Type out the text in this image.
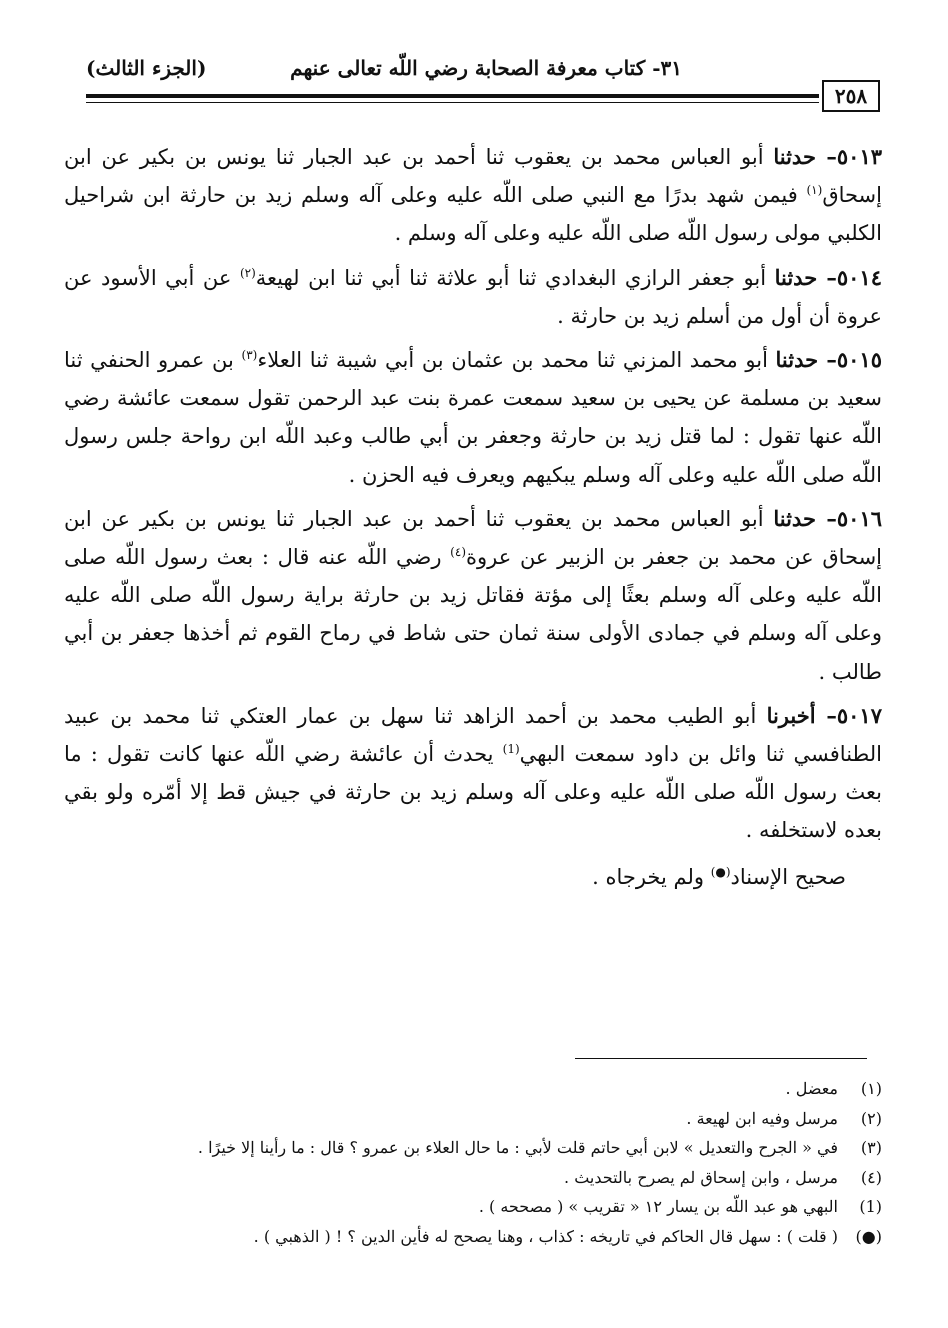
٣١- كتاب معرفة الصحابة رضي اللّه تعالى عنهم
(الجزء الثالث)
٢٥٨

٥٠١٣– حدثنا أبو العباس محمد بن يعقوب ثنا أحمد بن عبد الجبار ثنا يونس بن بكير عن ابن إسحاق$^{(١)}$ فيمن شهد بدرًا مع النبي صلى اللّه عليه وعلى آله وسلم زيد بن حارثة ابن شراحيل الكلبي مولى رسول اللّه صلى اللّه عليه وعلى آله وسلم .

٥٠١٤– حدثنا أبو جعفر الرازي البغدادي ثنا أبو علاثة ثنا أبي ثنا ابن لهيعة$^{(٢)}$ عن أبي الأسود عن عروة أن أول من أسلم زيد بن حارثة .

٥٠١٥– حدثنا أبو محمد المزني ثنا محمد بن عثمان بن أبي شيبة ثنا العلاء$^{(٣)}$ بن عمرو الحنفي ثنا سعيد بن مسلمة عن يحيى بن سعيد سمعت عمرة بنت عبد الرحمن تقول سمعت عائشة رضي اللّه عنها تقول : لما قتل زيد بن حارثة وجعفر بن أبي طالب وعبد اللّه ابن رواحة جلس رسول اللّه صلى اللّه عليه وعلى آله وسلم يبكيهم ويعرف فيه الحزن .

٥٠١٦– حدثنا أبو العباس محمد بن يعقوب ثنا أحمد بن عبد الجبار ثنا يونس بن بكير عن ابن إسحاق عن محمد بن جعفر بن الزبير عن عروة$^{(٤)}$ رضي اللّه عنه قال : بعث رسول اللّه صلى اللّه عليه وعلى آله وسلم بعثًا إلى مؤتة فقاتل زيد بن حارثة براية رسول اللّه صلى اللّه عليه وعلى آله وسلم في جمادى الأولى سنة ثمان حتى شاط في رماح القوم ثم أخذها جعفر بن أبي طالب .

٥٠١٧– أخبرنا أبو الطيب محمد بن أحمد الزاهد ثنا سهل بن عمار العتكي ثنا محمد بن عبيد الطنافسي ثنا وائل بن داود سمعت البهي$^{(1)}$ يحدث أن عائشة رضي اللّه عنها كانت تقول : ما بعث رسول اللّه صلى اللّه عليه وعلى آله وسلم زيد بن حارثة في جيش قط إلا أمّره ولو بقي بعده لاستخلفه .

صحيح الإسناد(●) ولم يخرجاه .

(١)معضل .
(٢)مرسل وفيه ابن لهيعة .
(٣)في « الجرح والتعديل » لابن أبي حاتم قلت لأبي : ما حال العلاء بن عمرو ؟ قال : ما رأينا إلا خيرًا .
(٤)مرسل ، وابن إسحاق لم يصرح بالتحديث .
(1)البهي هو عبد اللّه بن يسار ١٢ « تقريب » ( مصححه ) .
(●)( قلت ) : سهل قال الحاكم في تاريخه : كذاب ، وهنا يصحح له فأين الدين ؟ ! ( الذهبي ) .
